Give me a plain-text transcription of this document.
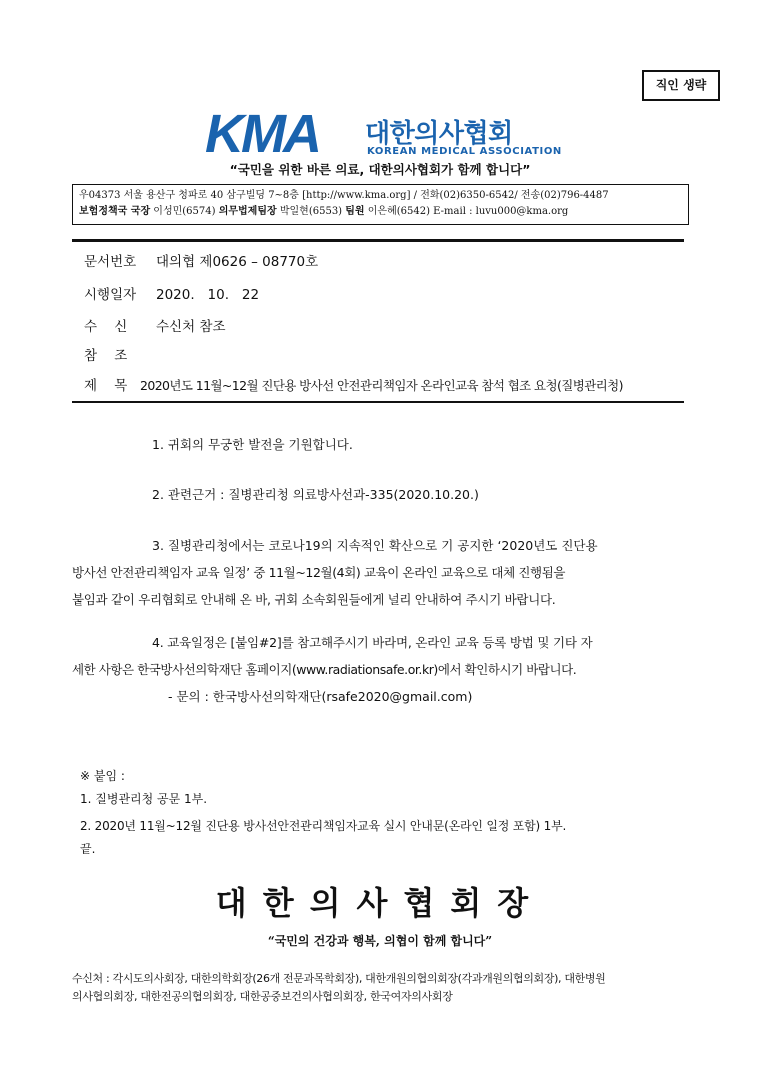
직인 생략
KMA 대한의사협회
KOREAN MEDICAL ASSOCIATION
“국민을 위한 바른 의료, 대한의사협회가 함께 합니다”
우04373 서울 용산구 청파로 40 삼구빌딩 7~8층 [http://www.kma.org] / 전화(02)6350-6542/ 전송(02)796-4487
보험정책국 국장 이성민(6574) 의무법제팀장 박일현(6553) 팀원 이은혜(6542) E-mail : luvu000@kma.org
문서번호 대의협 제0626 – 08770호
시행일자 2020.   10.   22
수    신 수신처 참조
참    조
제    목 2020년도 11월~12월 진단용 방사선 안전관리책임자 온라인교육 참석 협조 요청(질병관리청)
1. 귀회의 무궁한 발전을 기원합니다.
2. 관련근거 : 질병관리청 의료방사선과-335(2020.10.20.)
3. 질병관리청에서는 코로나19의 지속적인 확산으로 기 공지한 ‘2020년도 진단용
방사선 안전관리책임자 교육 일정’ 중 11월~12월(4회) 교육이 온라인 교육으로 대체 진행됨을
붙임과 같이 우리협회로 안내해 온 바, 귀회 소속회원들에게 널리 안내하여 주시기 바랍니다.
4. 교육일정은 [붙임#2]를 참고해주시기 바라며, 온라인 교육 등록 방법 및 기타 자
세한 사항은 한국방사선의학재단 홈페이지(www.radiationsafe.or.kr)에서 확인하시기 바랍니다.
- 문의 : 한국방사선의학재단(rsafe2020@gmail.com)
※ 붙임 :
1. 질병관리청 공문 1부.
2. 2020년 11월~12월 진단용 방사선안전관리책임자교육 실시 안내문(온라인 일정 포함) 1부.
끝.
대한의사협회장
“국민의 건강과 행복, 의협이 함께 합니다”
수신처 : 각시도의사회장, 대한의학회장(26개 전문과목학회장), 대한개원의협의회장(각과개원의협의회장), 대한병원
의사협의회장, 대한전공의협의회장, 대한공중보건의사협의회장, 한국여자의사회장
